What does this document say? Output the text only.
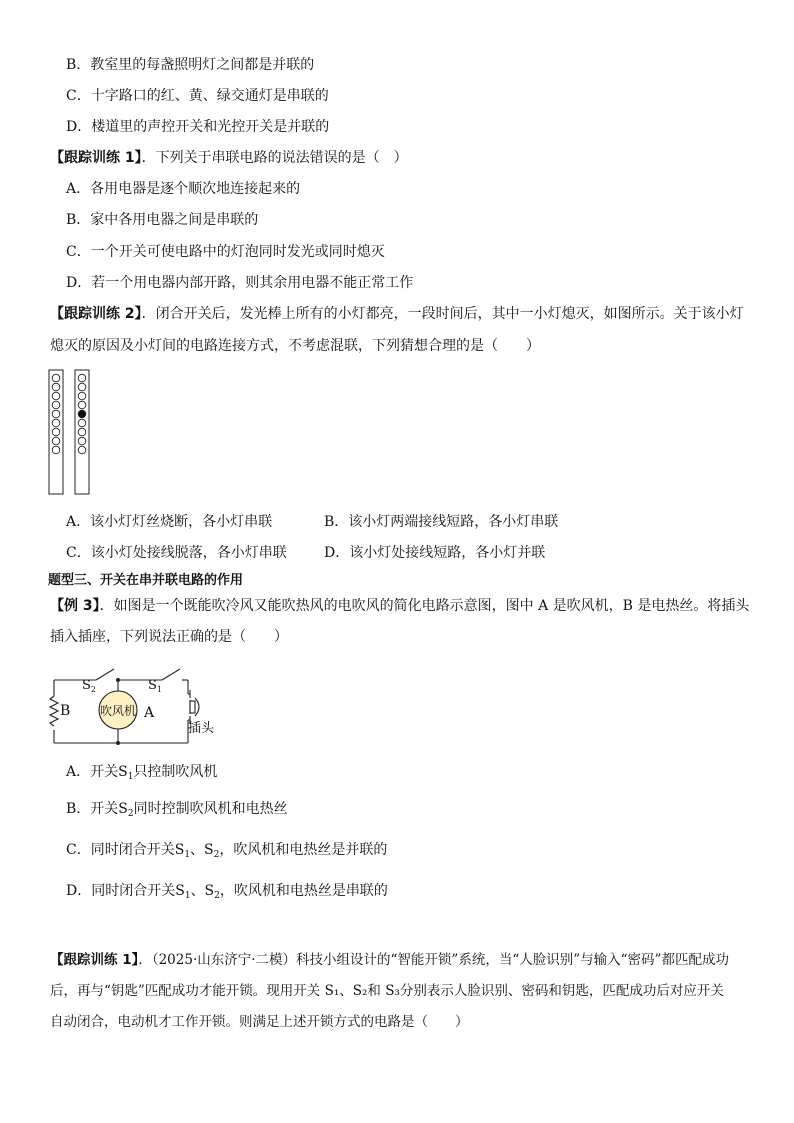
B．教室里的每盏照明灯之间都是并联的
C．十字路口的红、黄、绿交通灯是串联的
D．楼道里的声控开关和光控开关是并联的
【跟踪训练 1】．下列关于串联电路的说法错误的是（　）
A．各用电器是逐个顺次地连接起来的
B．家中各用电器之间是串联的
C．一个开关可使电路中的灯泡同时发光或同时熄灭
D．若一个用电器内部开路，则其余用电器不能正常工作
【跟踪训练 2】．闭合开关后，发光棒上所有的小灯都亮，一段时间后，其中一小灯熄灭，如图所示。关于该小灯
熄灭的原因及小灯间的电路连接方式，不考虑混联，下列猜想合理的是（　　）
A．该小灯灯丝烧断，各小灯串联	B．该小灯两端接线短路，各小灯串联
C．该小灯处接线脱落，各小灯串联	D．该小灯处接线短路，各小灯并联
题型三、开关在串并联电路的作用
【例 3】．如图是一个既能吹冷风又能吹热风的电吹风的简化电路示意图，图中 A 是吹风机，B 是电热丝。将插头
插入插座，下列说法正确的是（　　）
$S_2$	$S_1$
B	A
吹风机
插头
A．开关$S_1$只控制吹风机
B．开关$S_2$同时控制吹风机和电热丝
C．同时闭合开关$S_1$、$S_2$，吹风机和电热丝是并联的
D．同时闭合开关$S_1$、$S_2$，吹风机和电热丝是串联的
【跟踪训练 1】．（2025·山东济宁·二模）科技小组设计的“智能开锁”系统，当“人脸识别”与输入“密码”都匹配成功
后，再与“钥匙”匹配成功才能开锁。现用开关 S₁、S₂和 S₃分别表示人脸识别、密码和钥匙，匹配成功后对应开关
自动闭合，电动机才工作开锁。则满足上述开锁方式的电路是（　　）
